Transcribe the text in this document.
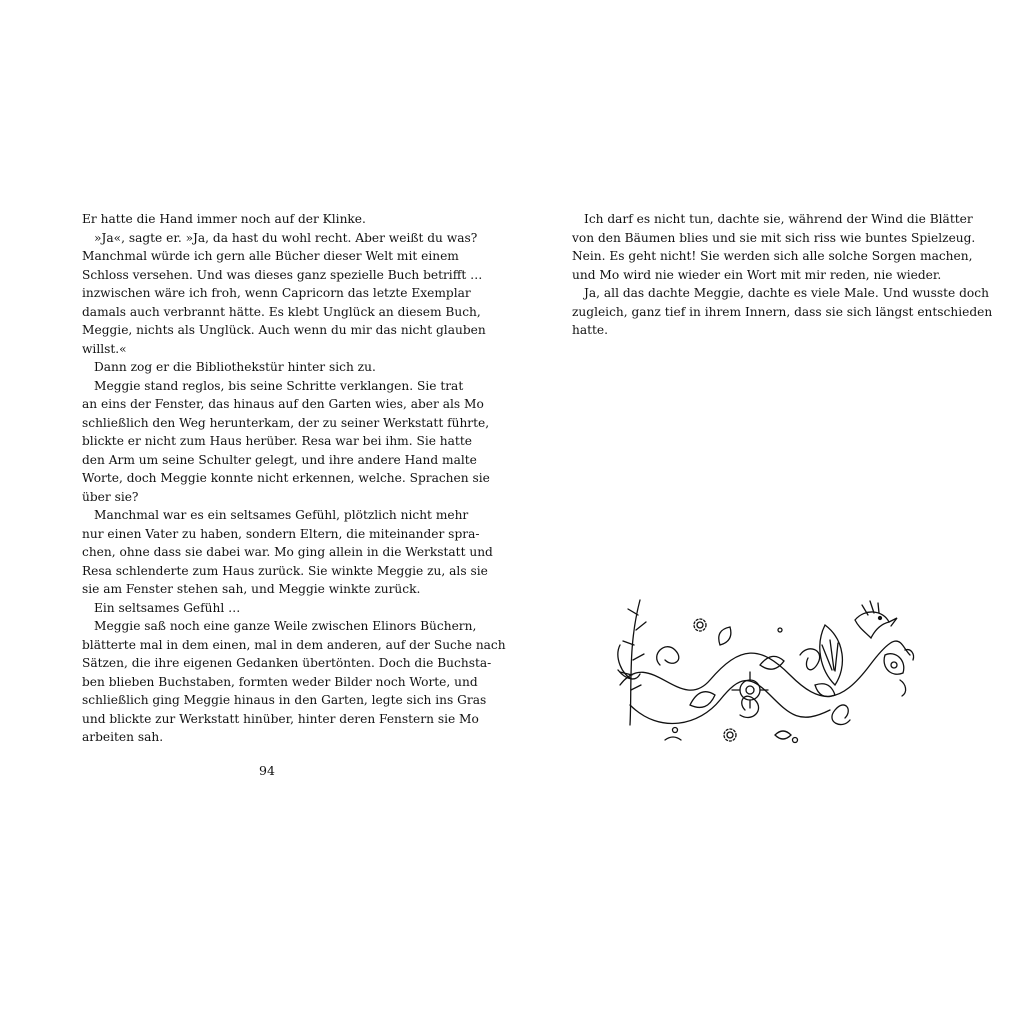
Er hatte die Hand immer noch auf der Klinke.
»Ja«, sagte er. »Ja, da hast du wohl recht. Aber weißt du was?
Manchmal würde ich gern alle Bücher dieser Welt mit einem
Schloss versehen. Und was dieses ganz spezielle Buch betrifft …
inzwischen wäre ich froh, wenn Capricorn das letzte Exemplar
damals auch verbrannt hätte. Es klebt Unglück an diesem Buch,
Meggie, nichts als Unglück. Auch wenn du mir das nicht glauben
willst.«
Dann zog er die Bibliothekstür hinter sich zu.
Meggie stand reglos, bis seine Schritte verklangen. Sie trat
an eins der Fenster, das hinaus auf den Garten wies, aber als Mo
schließlich den Weg herunterkam, der zu seiner Werkstatt führte,
blickte er nicht zum Haus herüber. Resa war bei ihm. Sie hatte
den Arm um seine Schulter gelegt, und ihre andere Hand malte
Worte, doch Meggie konnte nicht erkennen, welche. Sprachen sie
über sie?
Manchmal war es ein seltsames Gefühl, plötzlich nicht mehr
nur einen Vater zu haben, sondern Eltern, die miteinander spra-
chen, ohne dass sie dabei war. Mo ging allein in die Werkstatt und
Resa schlenderte zum Haus zurück. Sie winkte Meggie zu, als sie
sie am Fenster stehen sah, und Meggie winkte zurück.
Ein seltsames Gefühl …
Meggie saß noch eine ganze Weile zwischen Elinors Büchern,
blätterte mal in dem einen, mal in dem anderen, auf der Suche nach
Sätzen, die ihre eigenen Gedanken übertönten. Doch die Buchsta-
ben blieben Buchstaben, formten weder Bilder noch Worte, und
schließlich ging Meggie hinaus in den Garten, legte sich ins Gras
und blickte zur Werkstatt hinüber, hinter deren Fenstern sie Mo
arbeiten sah.
94
Ich darf es nicht tun, dachte sie, während der Wind die Blätter
von den Bäumen blies und sie mit sich riss wie buntes Spielzeug.
Nein. Es geht nicht! Sie werden sich alle solche Sorgen machen,
und Mo wird nie wieder ein Wort mit mir reden, nie wieder.
Ja, all das dachte Meggie, dachte es viele Male. Und wusste doch
zugleich, ganz tief in ihrem Innern, dass sie sich längst entschieden
hatte.
